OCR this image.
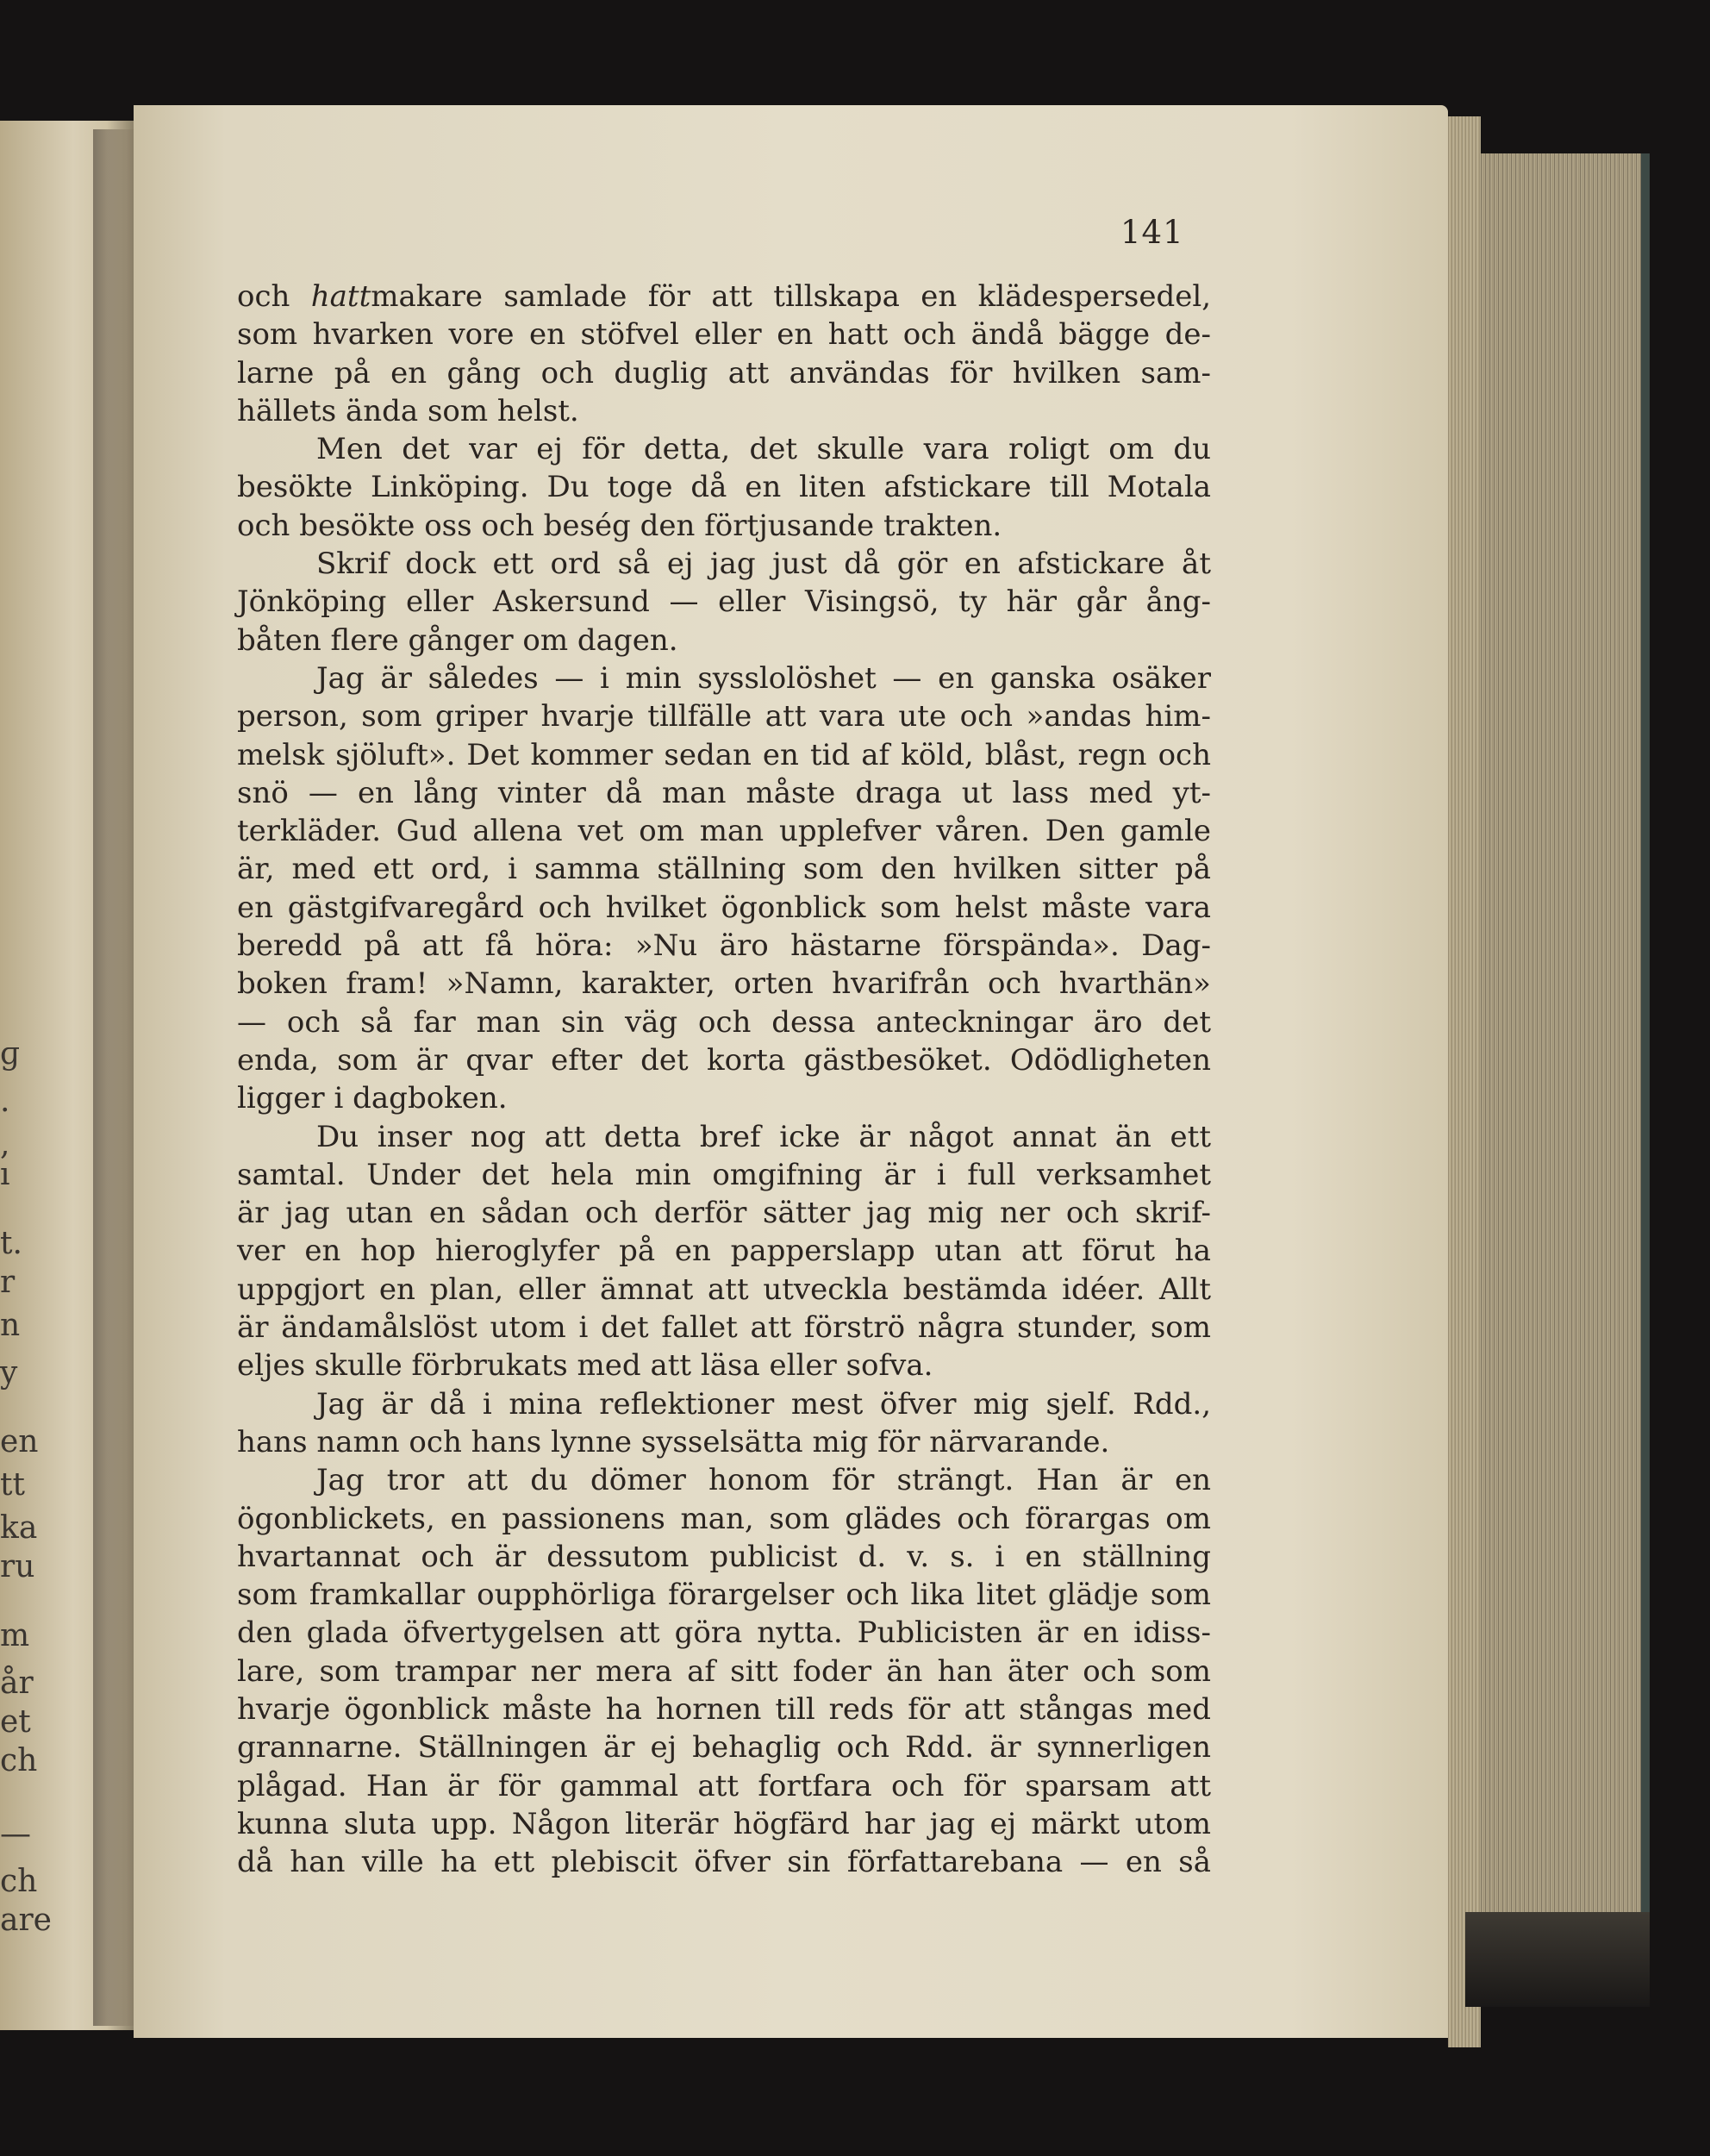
ɡ
.
,
ı
t.
r
n
y
en
tt
ka
ru
m
år
et
ch
—
ch
are
141
och hattmakare samlade för att tillskapa en klädespersedel,
som hvarken vore en stöfvel eller en hatt och ändå bägge de-
larne på en gång och duglig att användas för hvilken sam-
hällets ända som helst.
Men det var ej för detta, det skulle vara roligt om du
besökte Linköping. Du toge då en liten afstickare till Motala
och besökte oss och beség den förtjusande trakten.
Skrif dock ett ord så ej jag just då gör en afstickare åt
Jönköping eller Askersund — eller Visingsö, ty här går ång-
båten flere gånger om dagen.
Jag är således — i min sysslolöshet — en ganska osäker
person, som griper hvarje tillfälle att vara ute och »andas him-
melsk sjöluft». Det kommer sedan en tid af köld, blåst, regn och
snö — en lång vinter då man måste draga ut lass med yt-
terkläder. Gud allena vet om man upplefver våren. Den gamle
är, med ett ord, i samma ställning som den hvilken sitter på
en gästgifvaregård och hvilket ögonblick som helst måste vara
beredd på att få höra: »Nu äro hästarne förspända». Dag-
boken fram! »Namn, karakter, orten hvarifrån och hvarthän»
— och så far man sin väg och dessa anteckningar äro det
enda, som är qvar efter det korta gästbesöket. Odödligheten
ligger i dagboken.
Du inser nog att detta bref icke är något annat än ett
samtal. Under det hela min omgifning är i full verksamhet
är jag utan en sådan och derför sätter jag mig ner och skrif-
ver en hop hieroglyfer på en papperslapp utan att förut ha
uppgjort en plan, eller ämnat att utveckla bestämda idéer. Allt
är ändamålslöst utom i det fallet att förströ några stunder, som
eljes skulle förbrukats med att läsa eller sofva.
Jag är då i mina reflektioner mest öfver mig sjelf. Rdd.,
hans namn och hans lynne sysselsätta mig för närvarande.
Jag tror att du dömer honom för strängt. Han är en
ögonblickets, en passionens man, som glädes och förargas om
hvartannat och är dessutom publicist d. v. s. i en ställning
som framkallar oupphörliga förargelser och lika litet glädje som
den glada öfvertygelsen att göra nytta. Publicisten är en idiss-
lare, som trampar ner mera af sitt foder än han äter och som
hvarje ögonblick måste ha hornen till reds för att stångas med
grannarne. Ställningen är ej behaglig och Rdd. är synnerligen
plågad. Han är för gammal att fortfara och för sparsam att
kunna sluta upp. Någon literär högfärd har jag ej märkt utom
då han ville ha ett plebiscit öfver sin författarebana — en så
